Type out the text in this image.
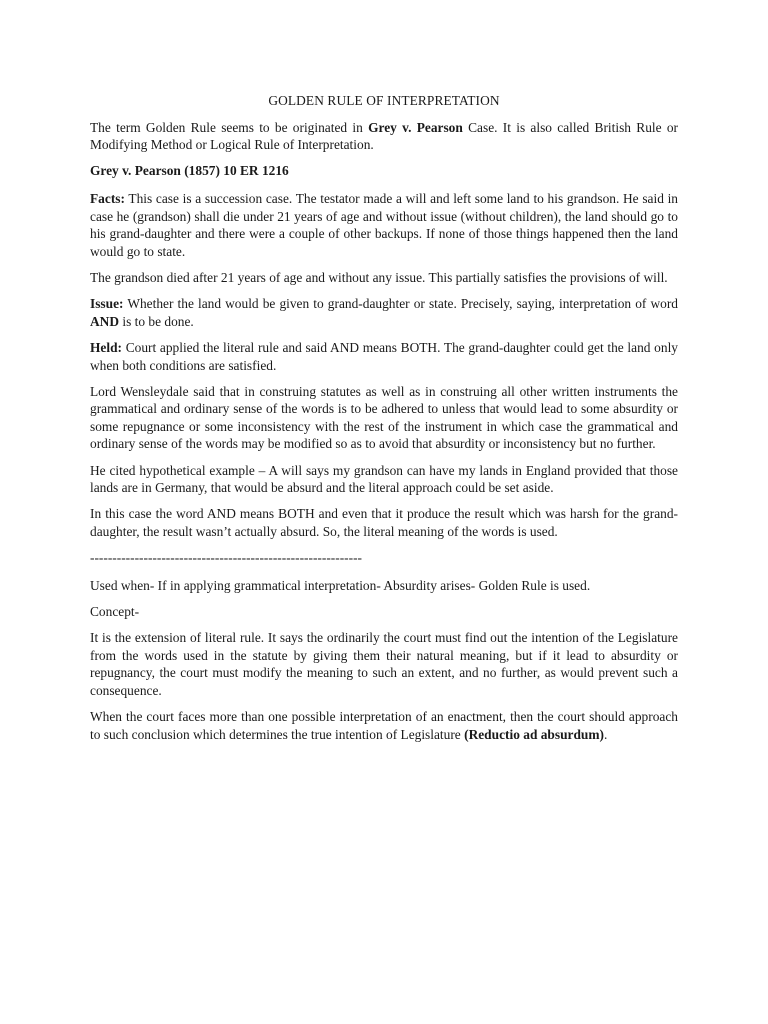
GOLDEN RULE OF INTERPRETATION

The term Golden Rule seems to be originated in Grey v. Pearson Case. It is also called British Rule or Modifying Method or Logical Rule of Interpretation.

Grey v. Pearson (1857) 10 ER 1216

Facts: This case is a succession case. The testator made a will and left some land to his grandson. He said in case he (grandson) shall die under 21 years of age and without issue (without children), the land should go to his grand-daughter and there were a couple of other backups. If none of those things happened then the land would go to state.

The grandson died after 21 years of age and without any issue. This partially satisfies the provisions of will.

Issue: Whether the land would be given to grand-daughter or state. Precisely, saying, interpretation of word AND is to be done.

Held: Court applied the literal rule and said AND means BOTH. The grand-daughter could get the land only when both conditions are satisfied.

Lord Wensleydale said that in construing statutes as well as in construing all other written instruments the grammatical and ordinary sense of the words is to be adhered to unless that would lead to some absurdity or some repugnance or some inconsistency with the rest of the instrument in which case the grammatical and ordinary sense of the words may be modified so as to avoid that absurdity or inconsistency but no further.

He cited hypothetical example – A will says my grandson can have my lands in England provided that those lands are in Germany, that would be absurd and the literal approach could be set aside.

In this case the word AND means BOTH and even that it produce the result which was harsh for the grand-daughter, the result wasn’t actually absurd. So, the literal meaning of the words is used.

-------------------------------------------------------------

Used when- If in applying grammatical interpretation- Absurdity arises- Golden Rule is used.

Concept-

It is the extension of literal rule. It says the ordinarily the court must find out the intention of the Legislature from the words used in the statute by giving them their natural meaning, but if it lead to absurdity or repugnancy, the court must modify the meaning to such an extent, and no further, as would prevent such a consequence.

When the court faces more than one possible interpretation of an enactment, then the court should approach to such conclusion which determines the true intention of Legislature (Reductio ad absurdum).
